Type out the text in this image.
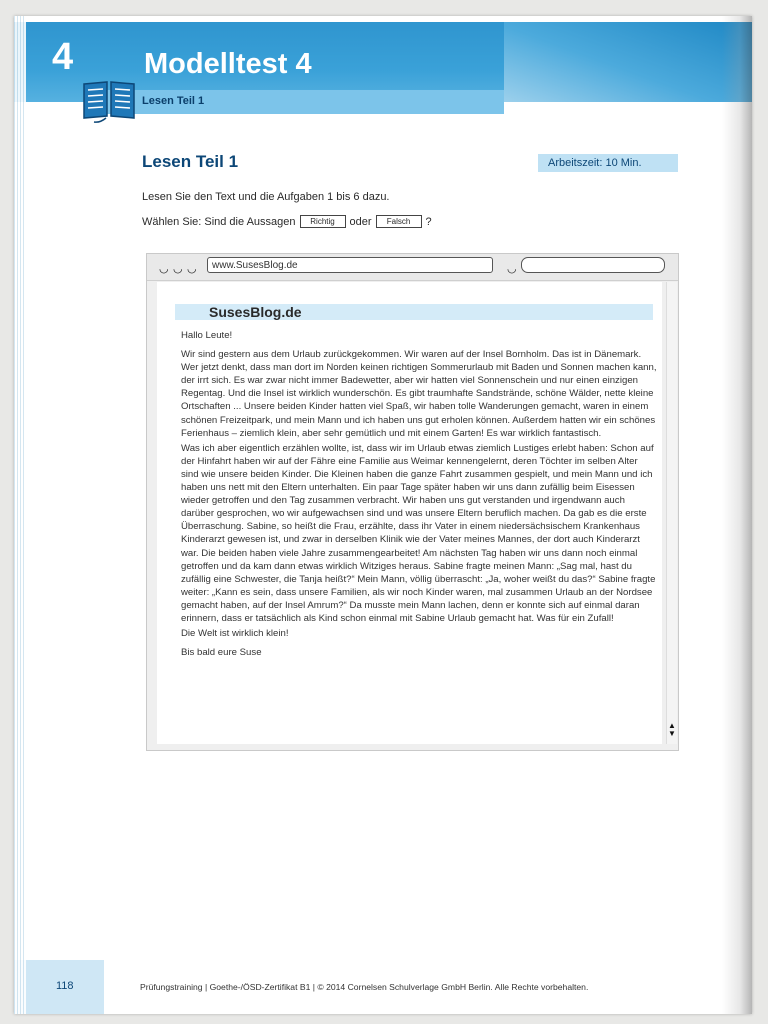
4 Modelltest 4
Lesen Teil 1
Lesen Teil 1	Arbeitszeit: 10 Min.
Lesen Sie den Text und die Aufgaben 1 bis 6 dazu.
Wählen Sie: Sind die Aussagen	Richtig	oder	Falsch	?
◡ ◡ ◡	www.SusesBlog.de	◡
▲
▼
SusesBlog.de

Hallo Leute!

Wir sind gestern aus dem Urlaub zurückgekommen. Wir waren auf der Insel Bornholm. Das ist in Dänemark. Wer jetzt denkt, dass man dort im Norden keinen richtigen Sommerurlaub mit Baden und Sonnen machen kann, der irrt sich. Es war zwar nicht immer Badewetter, aber wir hatten viel Sonnenschein und nur einen einzigen Regentag. Und die Insel ist wirklich wunderschön. Es gibt traumhafte Sandstrände, schöne Wälder, nette kleine Ortschaften ... Unsere beiden Kinder hatten viel Spaß, wir haben tolle Wanderungen gemacht, waren in einem schönen Freizeitpark, und mein Mann und ich haben uns gut erholen können. Außerdem hatten wir ein schönes Ferienhaus – ziemlich klein, aber sehr gemütlich und mit einem Garten! Es war wirklich fantastisch.

Was ich aber eigentlich erzählen wollte, ist, dass wir im Urlaub etwas ziemlich Lustiges erlebt haben: Schon auf der Hinfahrt haben wir auf der Fähre eine Familie aus Weimar kennengelernt, deren Töchter im selben Alter sind wie unsere beiden Kinder. Die Kleinen haben die ganze Fahrt zusammen gespielt, und mein Mann und ich haben uns nett mit den Eltern unterhalten. Ein paar Tage später haben wir uns dann zufällig beim Eisessen wieder getroffen und den Tag zusammen verbracht. Wir haben uns gut verstanden und irgendwann auch darüber gesprochen, wo wir aufgewachsen sind und was unsere Eltern beruflich machen. Da gab es die erste Überraschung. Sabine, so heißt die Frau, erzählte, dass ihr Vater in einem niedersächsischem Krankenhaus Kinderarzt gewesen ist, und zwar in derselben Klinik wie der Vater meines Mannes, der dort auch Kinderarzt war. Die beiden haben viele Jahre zusammengearbeitet! Am nächsten Tag haben wir uns dann noch einmal getroffen und da kam dann etwas wirklich Witziges heraus. Sabine fragte meinen Mann: „Sag mal, hast du zufällig eine Schwester, die Tanja heißt?“ Mein Mann, völlig überrascht: „Ja, woher weißt du das?“ Sabine fragte weiter: „Kann es sein, dass unsere Familien, als wir noch Kinder waren, mal zusammen Urlaub an der Nordsee gemacht haben, auf der Insel Amrum?“ Da musste mein Mann lachen, denn er konnte sich auf einmal daran erinnern, dass er tatsächlich als Kind schon einmal mit Sabine Urlaub gemacht hat. Was für ein Zufall!

Die Welt ist wirklich klein!

Bis bald eure Suse

118	Prüfungstraining | Goethe-/ÖSD-Zertifikat B1 | © 2014 Cornelsen Schulverlage GmbH Berlin. Alle Rechte vorbehalten.
